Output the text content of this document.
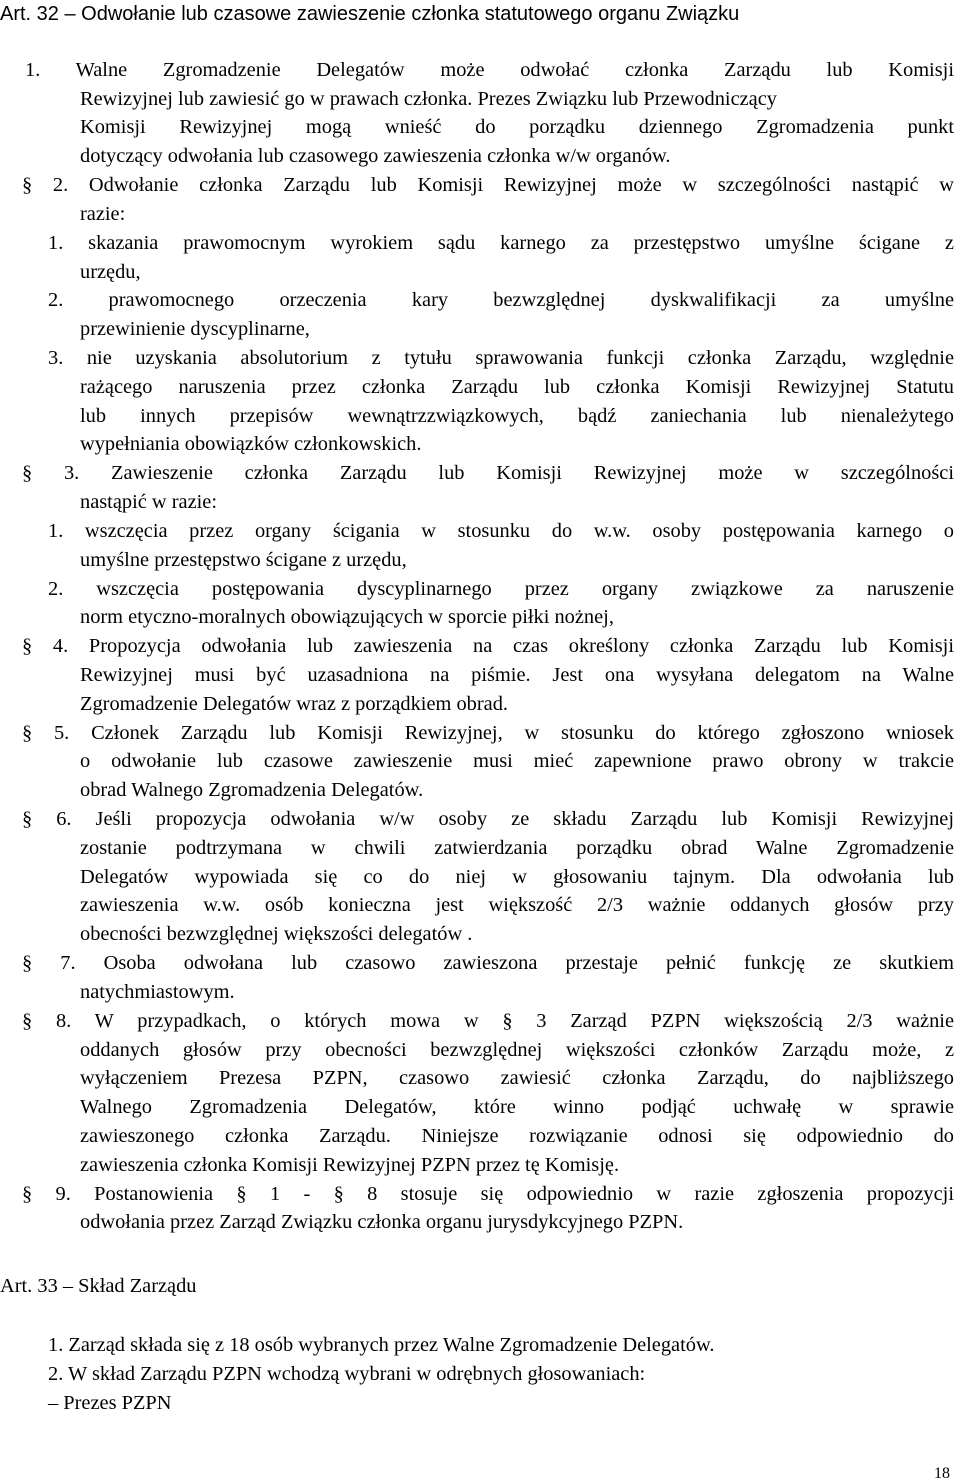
Art. 32 – Odwołanie lub czasowe zawieszenie członka statutowego organu Związku
1. Walne Zgromadzenie Delegatów może odwołać członka Zarządu lub Komisji
Rewizyjnej lub zawiesić go w prawach członka. Prezes Związku lub Przewodniczący
Komisji Rewizyjnej mogą wnieść do porządku dziennego Zgromadzenia punkt
dotyczący odwołania lub czasowego zawieszenia członka w/w organów.
§ 2. Odwołanie członka Zarządu lub Komisji Rewizyjnej może w szczególności nastąpić w
razie:
1. skazania prawomocnym wyrokiem sądu karnego za przestępstwo umyślne ścigane z
urzędu,
2. prawomocnego orzeczenia kary bezwzględnej dyskwalifikacji za umyślne
przewinienie dyscyplinarne,
3. nie uzyskania absolutorium z tytułu sprawowania funkcji członka Zarządu, względnie
rażącego naruszenia przez członka Zarządu lub członka Komisji Rewizyjnej Statutu
lub innych przepisów wewnątrzzwiązkowych, bądź zaniechania lub nienależytego
wypełniania obowiązków członkowskich.
§ 3. Zawieszenie członka Zarządu lub Komisji Rewizyjnej może w szczególności
nastąpić w razie:
1. wszczęcia przez organy ścigania w stosunku do w.w. osoby postępowania karnego o
umyślne przestępstwo ścigane z urzędu,
2. wszczęcia postępowania dyscyplinarnego przez organy związkowe za naruszenie
norm etyczno-moralnych obowiązujących w sporcie piłki nożnej,
§ 4. Propozycja odwołania lub zawieszenia na czas określony członka Zarządu lub Komisji
Rewizyjnej musi być uzasadniona na piśmie. Jest ona wysyłana delegatom na Walne
Zgromadzenie Delegatów wraz z porządkiem obrad.
§ 5. Członek Zarządu lub Komisji Rewizyjnej, w stosunku do którego zgłoszono wniosek
o odwołanie lub czasowe zawieszenie musi mieć zapewnione prawo obrony w trakcie
obrad Walnego Zgromadzenia Delegatów.
§ 6. Jeśli propozycja odwołania w/w osoby ze składu Zarządu lub Komisji Rewizyjnej
zostanie podtrzymana w chwili zatwierdzania porządku obrad Walne Zgromadzenie
Delegatów wypowiada się co do niej w głosowaniu tajnym. Dla odwołania lub
zawieszenia w.w. osób konieczna jest większość 2/3 ważnie oddanych głosów przy
obecności bezwzględnej większości delegatów .
§ 7. Osoba odwołana lub czasowo zawieszona przestaje pełnić funkcję ze skutkiem
natychmiastowym.
§ 8. W przypadkach, o których mowa w § 3 Zarząd PZPN większością 2/3 ważnie
oddanych głosów przy obecności bezwzględnej większości członków Zarządu może, z
wyłączeniem Prezesa PZPN, czasowo zawiesić członka Zarządu, do najbliższego
Walnego Zgromadzenia Delegatów, które winno podjąć uchwałę w sprawie
zawieszonego członka Zarządu. Niniejsze rozwiązanie odnosi się odpowiednio do
zawieszenia członka Komisji Rewizyjnej PZPN przez tę Komisję.
§ 9. Postanowienia § 1 - § 8 stosuje się odpowiednio w razie zgłoszenia propozycji
odwołania przez Zarząd Związku członka organu jurysdykcyjnego PZPN.
Art. 33 – Skład Zarządu
1. Zarząd składa się z 18 osób wybranych przez Walne Zgromadzenie Delegatów.
2. W skład Zarządu PZPN wchodzą wybrani w odrębnych głosowaniach:
– Prezes PZPN
18
